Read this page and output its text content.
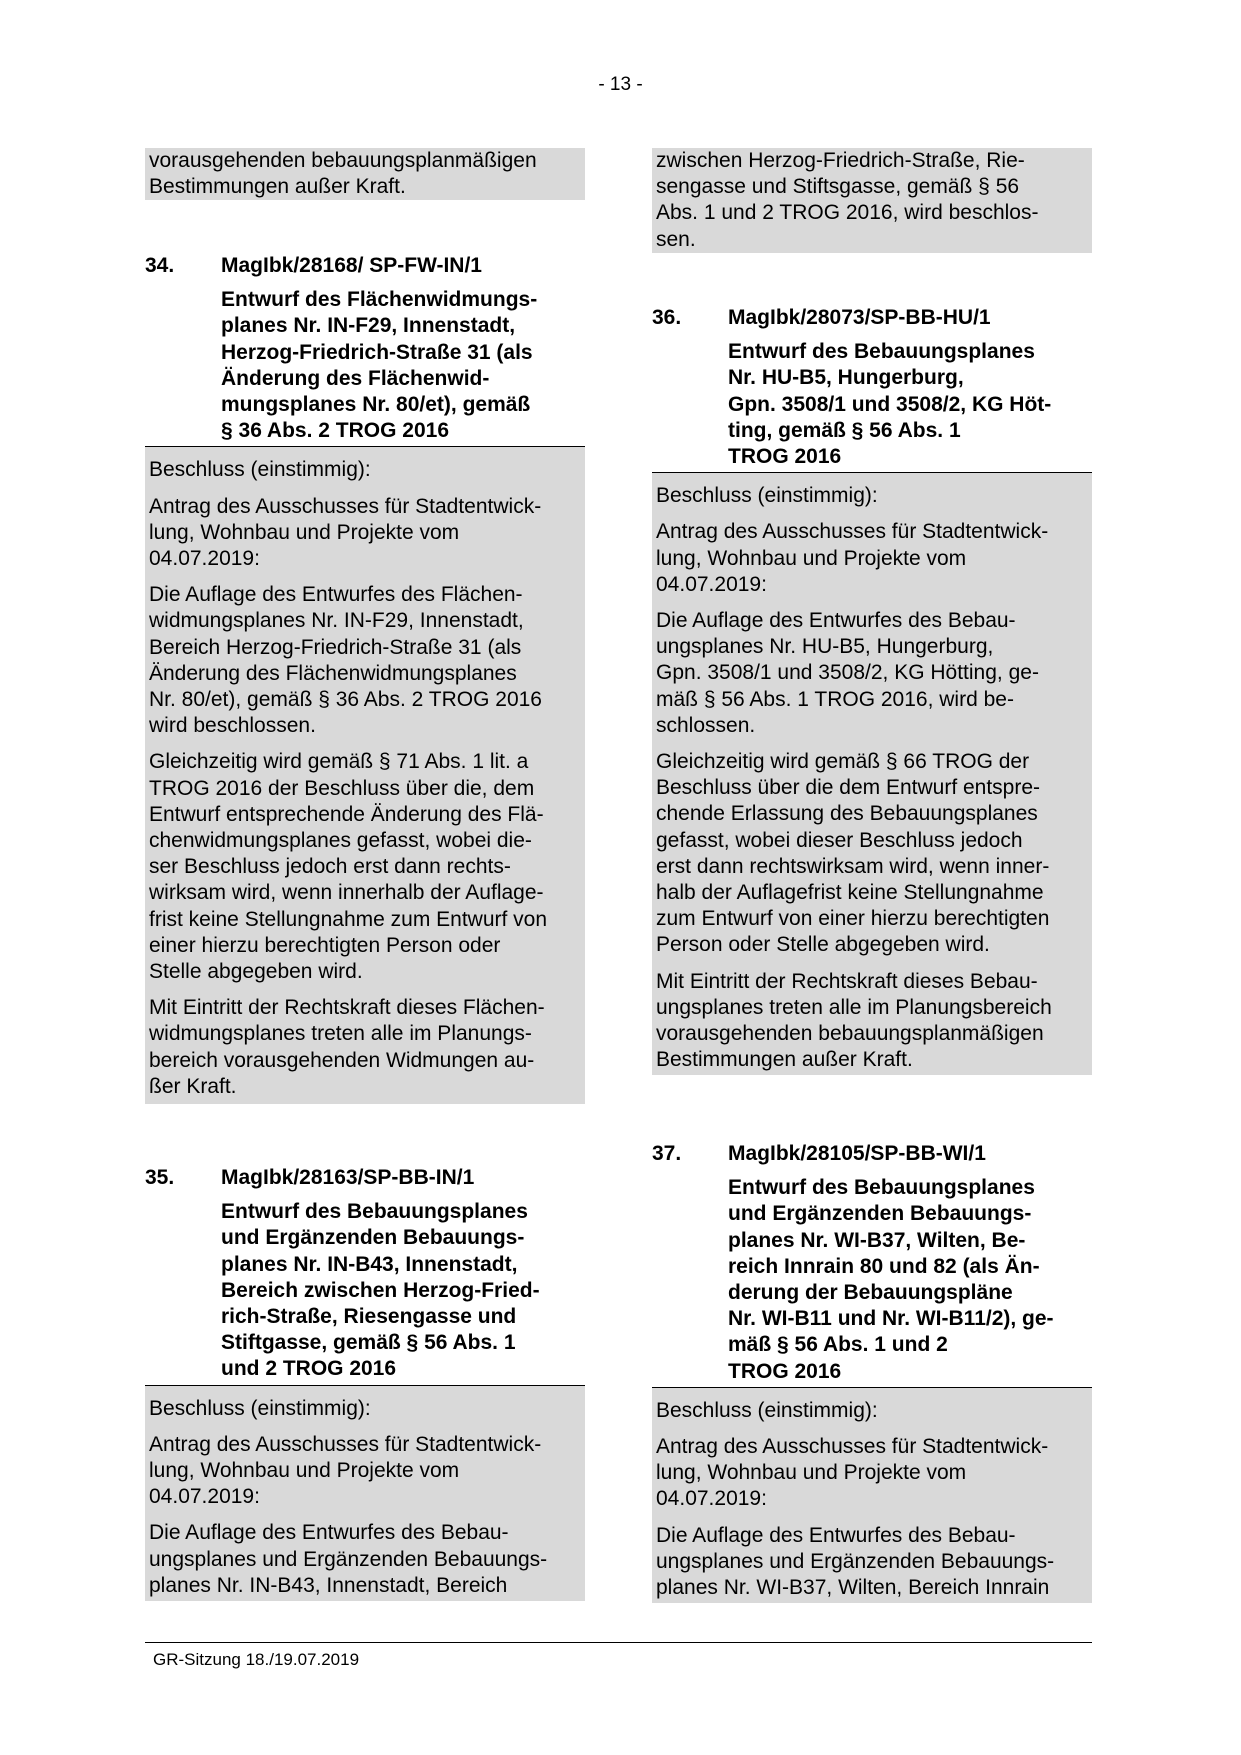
- 13 -

vorausgehenden bebauungsplanmäßigen
Bestimmungen außer Kraft.

34.	MagIbk/28168/ SP-FW-IN/1
Entwurf des Flächenwidmungs-
planes Nr. IN-F29, Innenstadt,
Herzog-Friedrich-Straße 31 (als
Änderung des Flächenwid-
mungsplanes Nr. 80/et), gemäß
§ 36 Abs. 2 TROG 2016

Beschluss (einstimmig):

Antrag des Ausschusses für Stadtentwick-
lung, Wohnbau und Projekte vom
04.07.2019:

Die Auflage des Entwurfes des Flächen-
widmungsplanes Nr. IN-F29, Innenstadt,
Bereich Herzog-Friedrich-Straße 31 (als
Änderung des Flächenwidmungsplanes
Nr. 80/et), gemäß § 36 Abs. 2 TROG 2016
wird beschlossen.

Gleichzeitig wird gemäß § 71 Abs. 1 lit. a
TROG 2016 der Beschluss über die, dem
Entwurf entsprechende Änderung des Flä-
chenwidmungsplanes gefasst, wobei die-
ser Beschluss jedoch erst dann rechts-
wirksam wird, wenn innerhalb der Auflage-
frist keine Stellungnahme zum Entwurf von
einer hierzu berechtigten Person oder
Stelle abgegeben wird.

Mit Eintritt der Rechtskraft dieses Flächen-
widmungsplanes treten alle im Planungs-
bereich vorausgehenden Widmungen au-
ßer Kraft.

35.	MagIbk/28163/SP-BB-IN/1
Entwurf des Bebauungsplanes
und Ergänzenden Bebauungs-
planes Nr. IN-B43, Innenstadt,
Bereich zwischen Herzog-Fried-
rich-Straße, Riesengasse und
Stiftgasse, gemäß § 56 Abs. 1
und 2 TROG 2016

Beschluss (einstimmig):

Antrag des Ausschusses für Stadtentwick-
lung, Wohnbau und Projekte vom
04.07.2019:

Die Auflage des Entwurfes des Bebau-
ungsplanes und Ergänzenden Bebauungs-
planes Nr. IN-B43, Innenstadt, Bereich

zwischen Herzog-Friedrich-Straße, Rie-
sengasse und Stiftsgasse, gemäß § 56
Abs. 1 und 2 TROG 2016, wird beschlos-
sen.

36.	MagIbk/28073/SP-BB-HU/1
Entwurf des Bebauungsplanes
Nr. HU-B5, Hungerburg,
Gpn. 3508/1 und 3508/2, KG Höt-
ting, gemäß § 56 Abs. 1
TROG 2016

Beschluss (einstimmig):

Antrag des Ausschusses für Stadtentwick-
lung, Wohnbau und Projekte vom
04.07.2019:

Die Auflage des Entwurfes des Bebau-
ungsplanes Nr. HU-B5, Hungerburg,
Gpn. 3508/1 und 3508/2, KG Hötting, ge-
mäß § 56 Abs. 1 TROG 2016, wird be-
schlossen.

Gleichzeitig wird gemäß § 66 TROG der
Beschluss über die dem Entwurf entspre-
chende Erlassung des Bebauungsplanes
gefasst, wobei dieser Beschluss jedoch
erst dann rechtswirksam wird, wenn inner-
halb der Auflagefrist keine Stellungnahme
zum Entwurf von einer hierzu berechtigten
Person oder Stelle abgegeben wird.

Mit Eintritt der Rechtskraft dieses Bebau-
ungsplanes treten alle im Planungsbereich
vorausgehenden bebauungsplanmäßigen
Bestimmungen außer Kraft.

37.	MagIbk/28105/SP-BB-WI/1
Entwurf des Bebauungsplanes
und Ergänzenden Bebauungs-
planes Nr. WI-B37, Wilten, Be-
reich Innrain 80 und 82 (als Än-
derung der Bebauungspläne
Nr. WI-B11 und Nr. WI-B11/2), ge-
mäß § 56 Abs. 1 und 2
TROG 2016

Beschluss (einstimmig):

Antrag des Ausschusses für Stadtentwick-
lung, Wohnbau und Projekte vom
04.07.2019:

Die Auflage des Entwurfes des Bebau-
ungsplanes und Ergänzenden Bebauungs-
planes Nr. WI-B37, Wilten, Bereich Innrain

GR-Sitzung 18./19.07.2019
